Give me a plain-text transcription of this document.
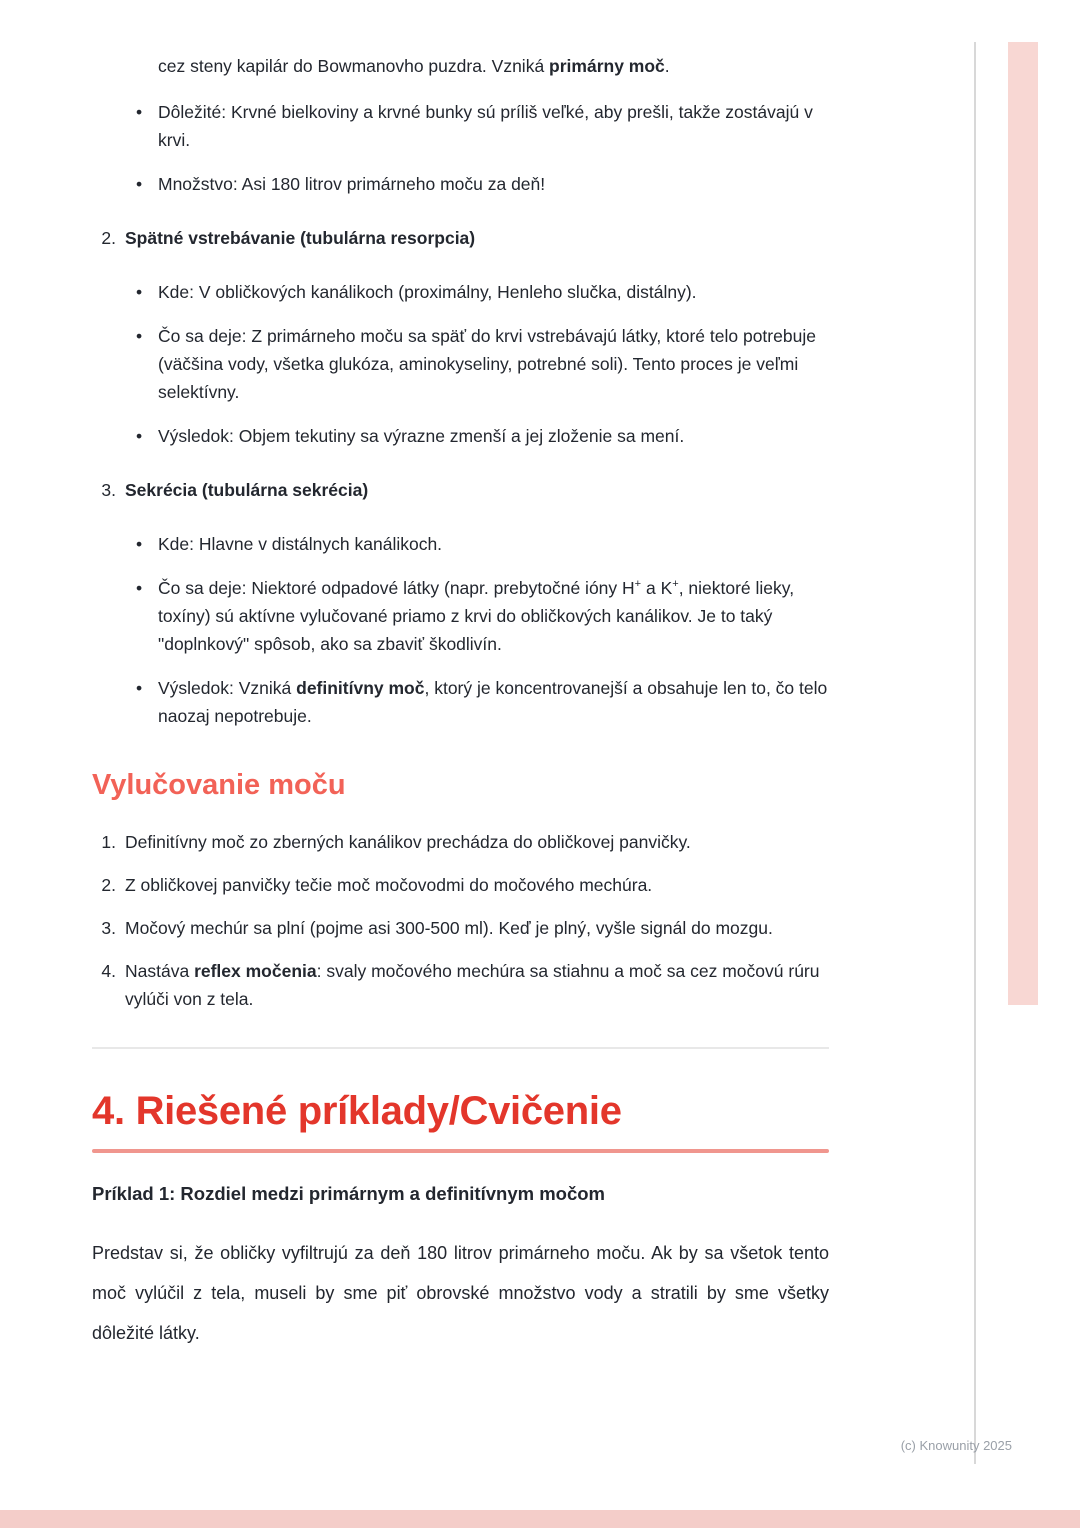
cez steny kapilár do Bowmanovho puzdra. Vzniká primárny moč.

• Dôležité: Krvné bielkoviny a krvné bunky sú príliš veľké, aby prešli, takže zostávajú v krvi.
• Množstvo: Asi 180 litrov primárneho moču za deň!
2. Spätné vstrebávanie (tubulárna resorpcia)
• Kde: V obličkových kanálikoch (proximálny, Henleho slučka, distálny).
• Čo sa deje: Z primárneho moču sa späť do krvi vstrebávajú látky, ktoré telo potrebuje (väčšina vody, všetka glukóza, aminokyseliny, potrebné soli). Tento proces je veľmi selektívny.
• Výsledok: Objem tekutiny sa výrazne zmenší a jej zloženie sa mení.
3. Sekrécia (tubulárna sekrécia)
• Kde: Hlavne v distálnych kanálikoch.
• Čo sa deje: Niektoré odpadové látky (napr. prebytočné ióny H+ a K+, niektoré lieky, toxíny) sú aktívne vylučované priamo z krvi do obličkových kanálikov. Je to taký "doplnkový" spôsob, ako sa zbaviť škodlivín.
• Výsledok: Vzniká definitívny moč, ktorý je koncentrovanejší a obsahuje len to, čo telo naozaj nepotrebuje.
Vylučovanie moču
1. Definitívny moč zo zberných kanálikov prechádza do obličkovej panvičky.
2. Z obličkovej panvičky tečie moč močovodmi do močového mechúra.
3. Močový mechúr sa plní (pojme asi 300-500 ml). Keď je plný, vyšle signál do mozgu.
4. Nastáva reflex močenia: svaly močového mechúra sa stiahnu a moč sa cez močovú rúru vylúči von z tela.
4. Riešené príklady/Cvičenie

Príklad 1: Rozdiel medzi primárnym a definitívnym močom

Predstav si, že obličky vyfiltrujú za deň 180 litrov primárneho moču. Ak by sa všetok tento moč vylúčil z tela, museli by sme piť obrovské množstvo vody a stratili by sme všetky dôležité látky.

(c) Knowunity 2025
